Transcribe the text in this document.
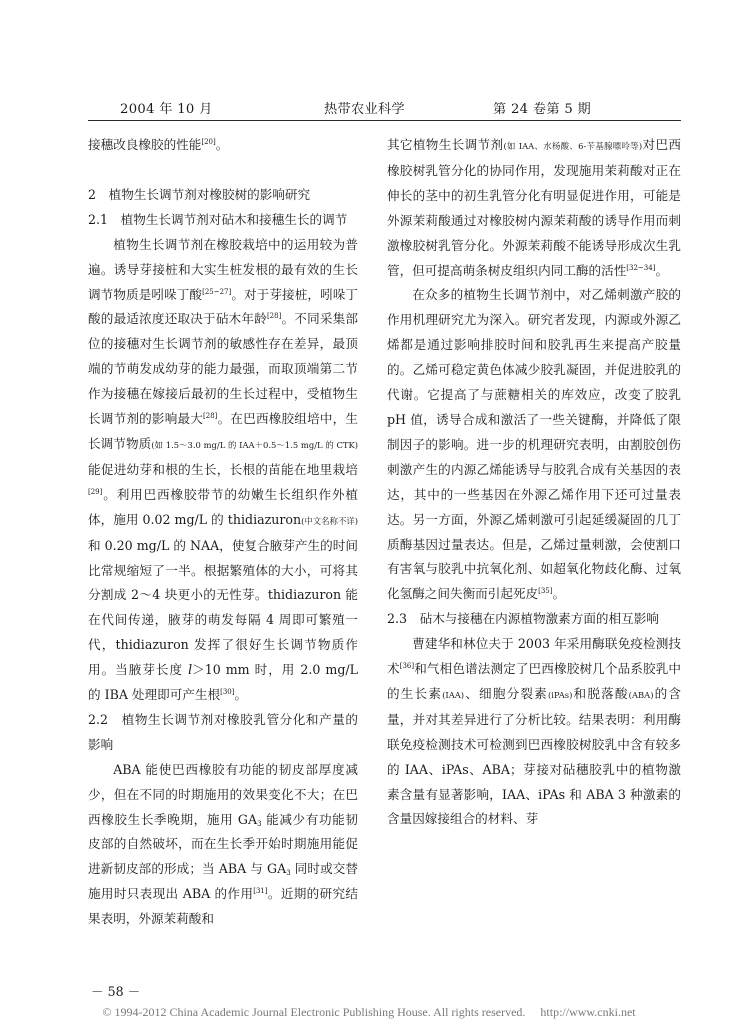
2004 年 10 月	热带农业科学	第 24 卷第 5 期
接穗改良橡胶的性能[20]。
2　植物生长调节剂对橡胶树的影响研究
2.1　植物生长调节剂对砧木和接穗生长的调节
植物生长调节剂在橡胶栽培中的运用较为普遍。诱导芽接桩和大实生桩发根的最有效的生长调节物质是吲哚丁酸[25~27]。对于芽接桩，吲哚丁酸的最适浓度还取决于砧木年龄[28]。不同采集部位的接穗对生长调节剂的敏感性存在差异，最顶端的节萌发成幼芽的能力最强，而取顶端第二节作为接穗在嫁接后最初的生长过程中，受植物生长调节剂的影响最大[28]。在巴西橡胶组培中，生长调节物质(如 1.5～3.0 mg/L 的 IAA＋0.5～1.5 mg/L 的 CTK)能促进幼芽和根的生长，长根的苗能在地里栽培[29]。利用巴西橡胶带节的幼嫩生长组织作外植体，施用 0.02 mg/L 的 thidiazuron(中文名称不详)和 0.20 mg/L 的 NAA，使复合腋芽产生的时间比常规缩短了一半。根据繁殖体的大小，可将其分割成 2～4 块更小的无性芽。thidiazuron 能在代间传递，腋芽的萌发每隔 4 周即可繁殖一代，thidiazuron 发挥了很好生长调节物质作用。当腋芽长度 l＞10 mm 时，用 2.0 mg/L 的 IBA 处理即可产生根[30]。
2.2　植物生长调节剂对橡胶乳管分化和产量的影响
ABA 能使巴西橡胶有功能的韧皮部厚度减少，但在不同的时期施用的效果变化不大；在巴西橡胶生长季晚期，施用 $GA_3$ 能减少有功能韧皮部的自然破坏，而在生长季开始时期施用能促进新韧皮部的形成；当 ABA 与 $GA_3$ 同时或交替施用时只表现出 ABA 的作用[31]。近期的研究结果表明，外源茉莉酸和
其它植物生长调节剂(如 IAA、水杨酸、6-苄基腺嘌呤等)对巴西橡胶树乳管分化的协同作用，发现施用茉莉酸对正在伸长的茎中的初生乳管分化有明显促进作用，可能是外源茉莉酸通过对橡胶树内源茉莉酸的诱导作用而刺激橡胶树乳管分化。外源茉莉酸不能诱导形成次生乳管，但可提高萌条树皮组织内同工酶的活性[32~34]。
在众多的植物生长调节剂中，对乙烯刺激产胶的作用机理研究尤为深入。研究者发现，内源或外源乙烯都是通过影响排胶时间和胶乳再生来提高产胶量的。乙烯可稳定黄色体减少胶乳凝固，并促进胶乳的代谢。它提高了与蔗糖相关的库效应，改变了胶乳 pH 值，诱导合成和激活了一些关键酶，并降低了限制因子的影响。进一步的机理研究表明，由割胶创伤刺激产生的内源乙烯能诱导与胶乳合成有关基因的表达，其中的一些基因在外源乙烯作用下还可过量表达。另一方面，外源乙烯刺激可引起延缓凝固的几丁质酶基因过量表达。但是，乙烯过量刺激，会使割口有害氧与胶乳中抗氧化剂、如超氧化物歧化酶、过氧化氢酶之间失衡而引起死皮[35]。
2.3　砧木与接穗在内源植物激素方面的相互影响
曹建华和林位夫于 2003 年采用酶联免疫检测技术[36]和气相色谱法测定了巴西橡胶树几个品系胶乳中的生长素(IAA)、细胞分裂素(iPAs)和脱落酸(ABA)的含量，并对其差异进行了分析比较。结果表明：利用酶联免疫检测技术可检测到巴西橡胶树胶乳中含有较多的 IAA、iPAs、ABA；芽接对砧穗胶乳中的植物激素含量有显著影响，IAA、iPAs 和 ABA 3 种激素的含量因嫁接组合的材料、芽
－ 58 －
© 1994-2012 China Academic Journal Electronic Publishing House. All rights reserved.　 http://www.cnki.net
